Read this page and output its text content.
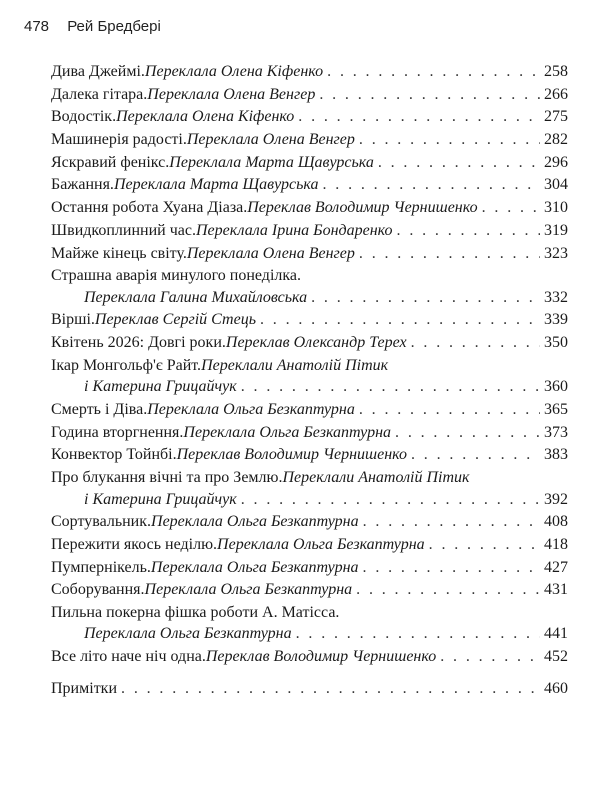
478 Рей Бредбері
Дива Джеймі. Переклала Олена Кіфенко . . .	258
Далека гітара. Переклала Олена Венгер . . .	266
Водостік. Переклала Олена Кіфенко . . .	275
Машинерія радості. Переклала Олена Венгер . . .	282
Яскравий фенікс. Переклала Марта Щавурська . . .	296
Бажання. Переклала Марта Щавурська . . .	304
Остання робота Хуана Діаза. Переклав Володимир Чернишенко . . .	310
Швидкоплинний час. Переклала Ірина Бондаренко . . .	319
Майже кінець світу. Переклала Олена Венгер . . .	323
Страшна аварія минулого понеділка.
Переклала Галина Михайловська . . .	332
Вірші. Переклав Сергій Стець . . .	339
Квітень 2026: Довгі роки. Переклав Олександр Терех . . .	350
Ікар Монгольф'є Райт. Переклали Анатолій Пітик
і Катерина Грицайчук . . .	360
Смерть і Діва. Переклала Ольга Безкаптурна . . .	365
Година вторгнення. Переклала Ольга Безкаптурна . . .	373
Конвектор Тойнбі. Переклав Володимир Чернишенко . . .	383
Про блукання вічні та про Землю. Переклали Анатолій Пітик
і Катерина Грицайчук . . .	392
Сортувальник. Переклала Ольга Безкаптурна . . .	408
Пережити якось неділю. Переклала Ольга Безкаптурна . . .	418
Пумпернікель. Переклала Ольга Безкаптурна . . .	427
Соборування. Переклала Ольга Безкаптурна . . .	431
Пильна покерна фішка роботи А. Матісса.
Переклала Ольга Безкаптурна . . .	441
Все літо наче ніч одна. Переклав Володимир Чернишенко . . .	452
Примітки . . .	460
